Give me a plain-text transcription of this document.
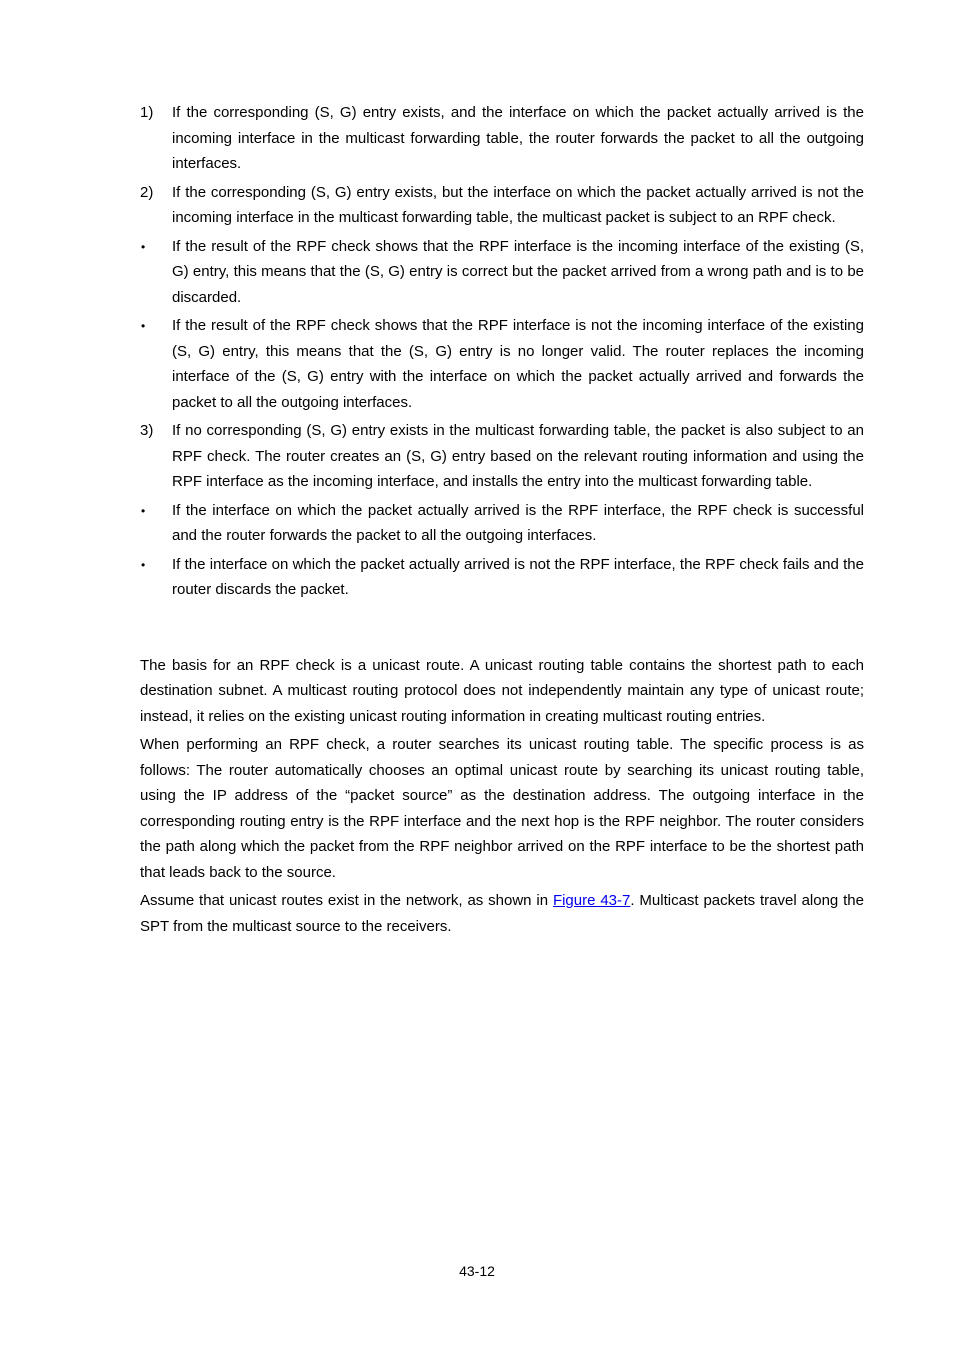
1)	If the corresponding (S, G) entry exists, and the interface on which the packet actually arrived is the incoming interface in the multicast forwarding table, the router forwards the packet to all the outgoing interfaces.
2)	If the corresponding (S, G) entry exists, but the interface on which the packet actually arrived is not the incoming interface in the multicast forwarding table, the multicast packet is subject to an RPF check.
•	If the result of the RPF check shows that the RPF interface is the incoming interface of the existing (S, G) entry, this means that the (S, G) entry is correct but the packet arrived from a wrong path and is to be discarded.
•	If the result of the RPF check shows that the RPF interface is not the incoming interface of the existing (S, G) entry, this means that the (S, G) entry is no longer valid. The router replaces the incoming interface of the (S, G) entry with the interface on which the packet actually arrived and forwards the packet to all the outgoing interfaces.
3)	If no corresponding (S, G) entry exists in the multicast forwarding table, the packet is also subject to an RPF check. The router creates an (S, G) entry based on the relevant routing information and using the RPF interface as the incoming interface, and installs the entry into the multicast forwarding table.
•	If the interface on which the packet actually arrived is the RPF interface, the RPF check is successful and the router forwards the packet to all the outgoing interfaces.
•	If the interface on which the packet actually arrived is not the RPF interface, the RPF check fails and the router discards the packet.

The basis for an RPF check is a unicast route. A unicast routing table contains the shortest path to each destination subnet. A multicast routing protocol does not independently maintain any type of unicast route; instead, it relies on the existing unicast routing information in creating multicast routing entries.

When performing an RPF check, a router searches its unicast routing table. The specific process is as follows: The router automatically chooses an optimal unicast route by searching its unicast routing table, using the IP address of the “packet source” as the destination address. The outgoing interface in the corresponding routing entry is the RPF interface and the next hop is the RPF neighbor. The router considers the path along which the packet from the RPF neighbor arrived on the RPF interface to be the shortest path that leads back to the source.

Assume that unicast routes exist in the network, as shown in Figure 43-7. Multicast packets travel along the SPT from the multicast source to the receivers.

43-12
